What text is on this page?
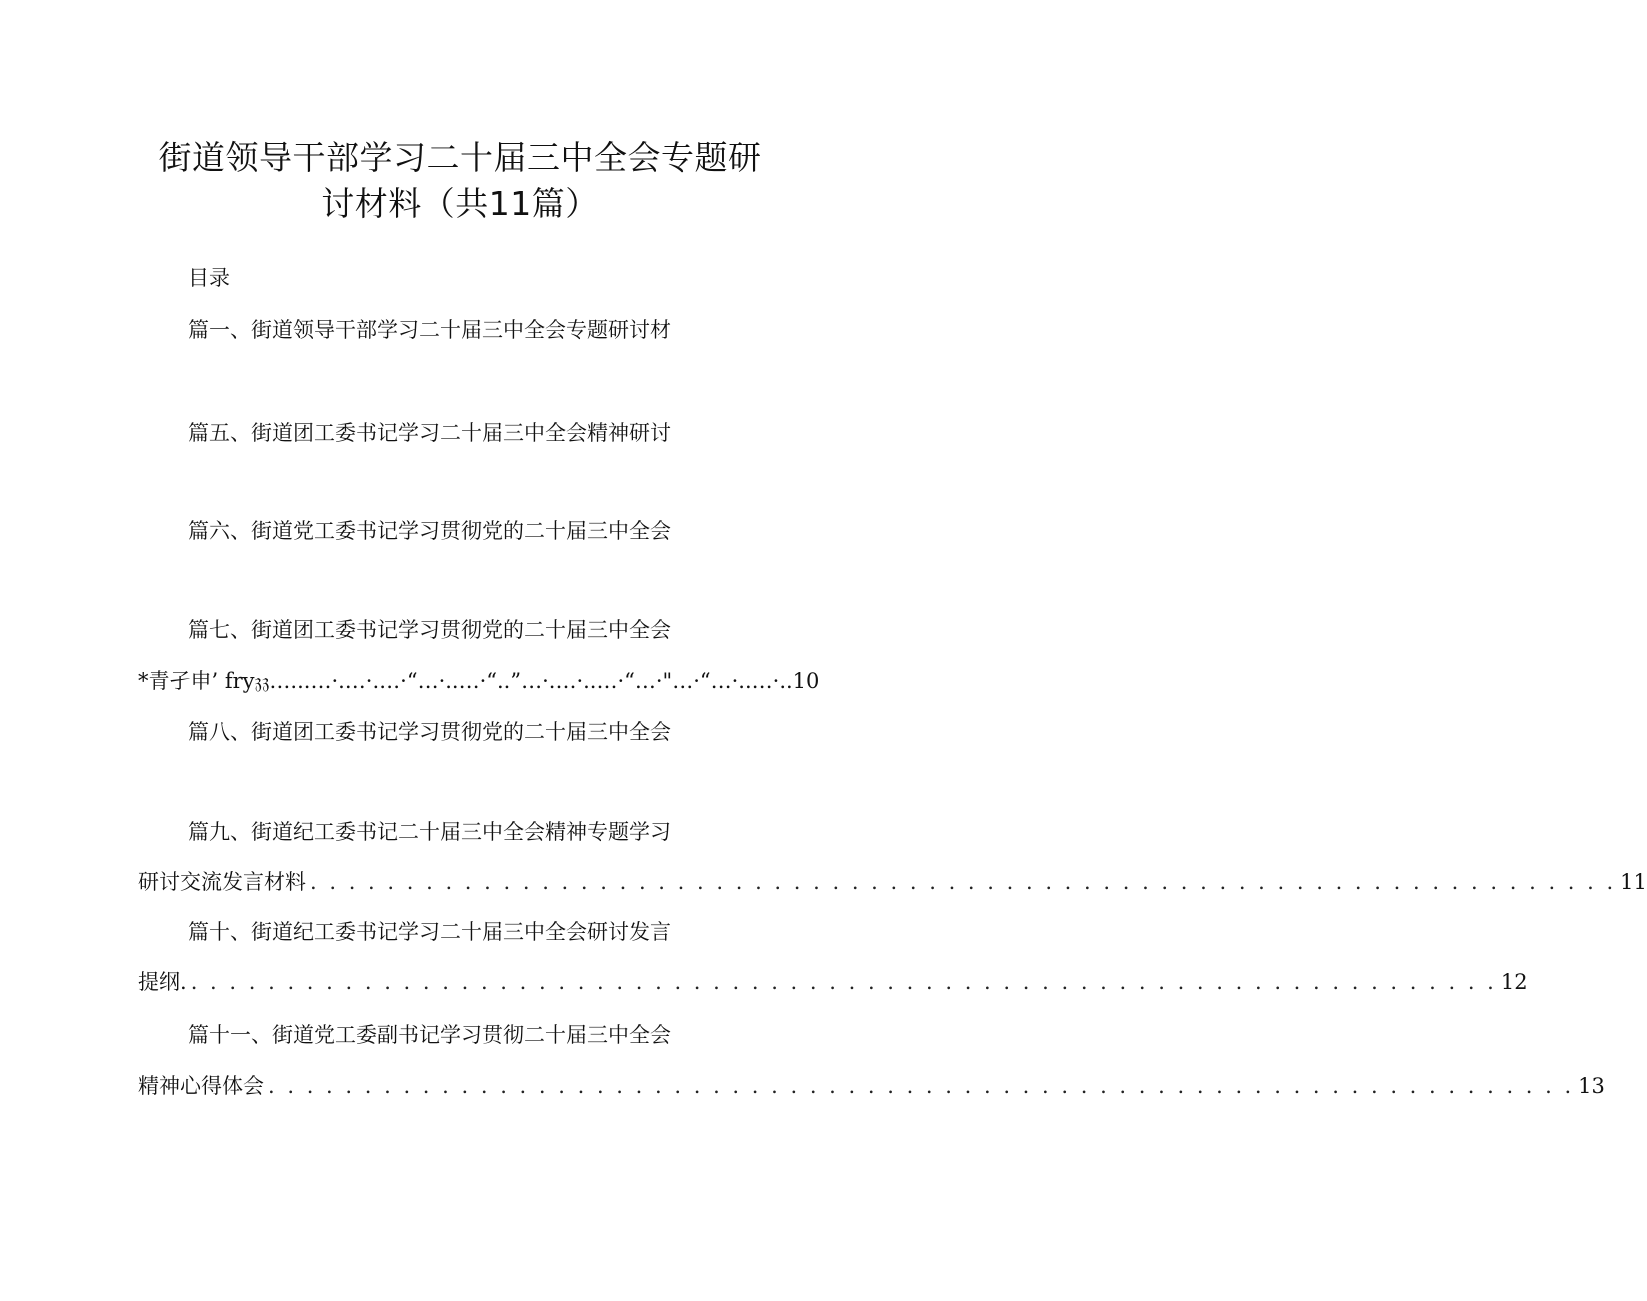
街道领导干部学习二十届三中全会专题研
讨材料（共11篇）
目录
篇一、街道领导干部学习二十届三中全会专题研讨材
篇五、街道团工委书记学习二十届三中全会精神研讨
篇六、街道党工委书记学习贯彻党的二十届三中全会
篇七、街道团工委书记学习贯彻党的二十届三中全会
*青孑申’ fry𝔷𝔷…...…·.…·.…·“…·..…·“..”…·.…·..…·“…·"…·“…·..…·..10
篇八、街道团工委书记学习贯彻党的二十届三中全会
篇九、街道纪工委书记二十届三中全会精神专题学习
研讨交流发言材料 . . . . . . . . . . . . . . . . . . . . . . . . . . . . . . . . . . . . . . . . . . . . . . . . . . . . . . . . . . . . . . . . . . . . 11
篇十、街道纪工委书记学习二十届三中全会研讨发言
提纲. . . . . . . . . . . . . . . . . . . . . . . . . . . . . . . . . . . . . . . . . . . . . . . . . . . . . . . . . . . . . . . . . . . . . 12
篇十一、街道党工委副书记学习贯彻二十届三中全会
精神心得体会 . . . . . . . . . . . . . . . . . . . . . . . . . . . . . . . . . . . . . . . . . . . . . . . . . . . . . . . . . . . . . . . . . . . . 13
